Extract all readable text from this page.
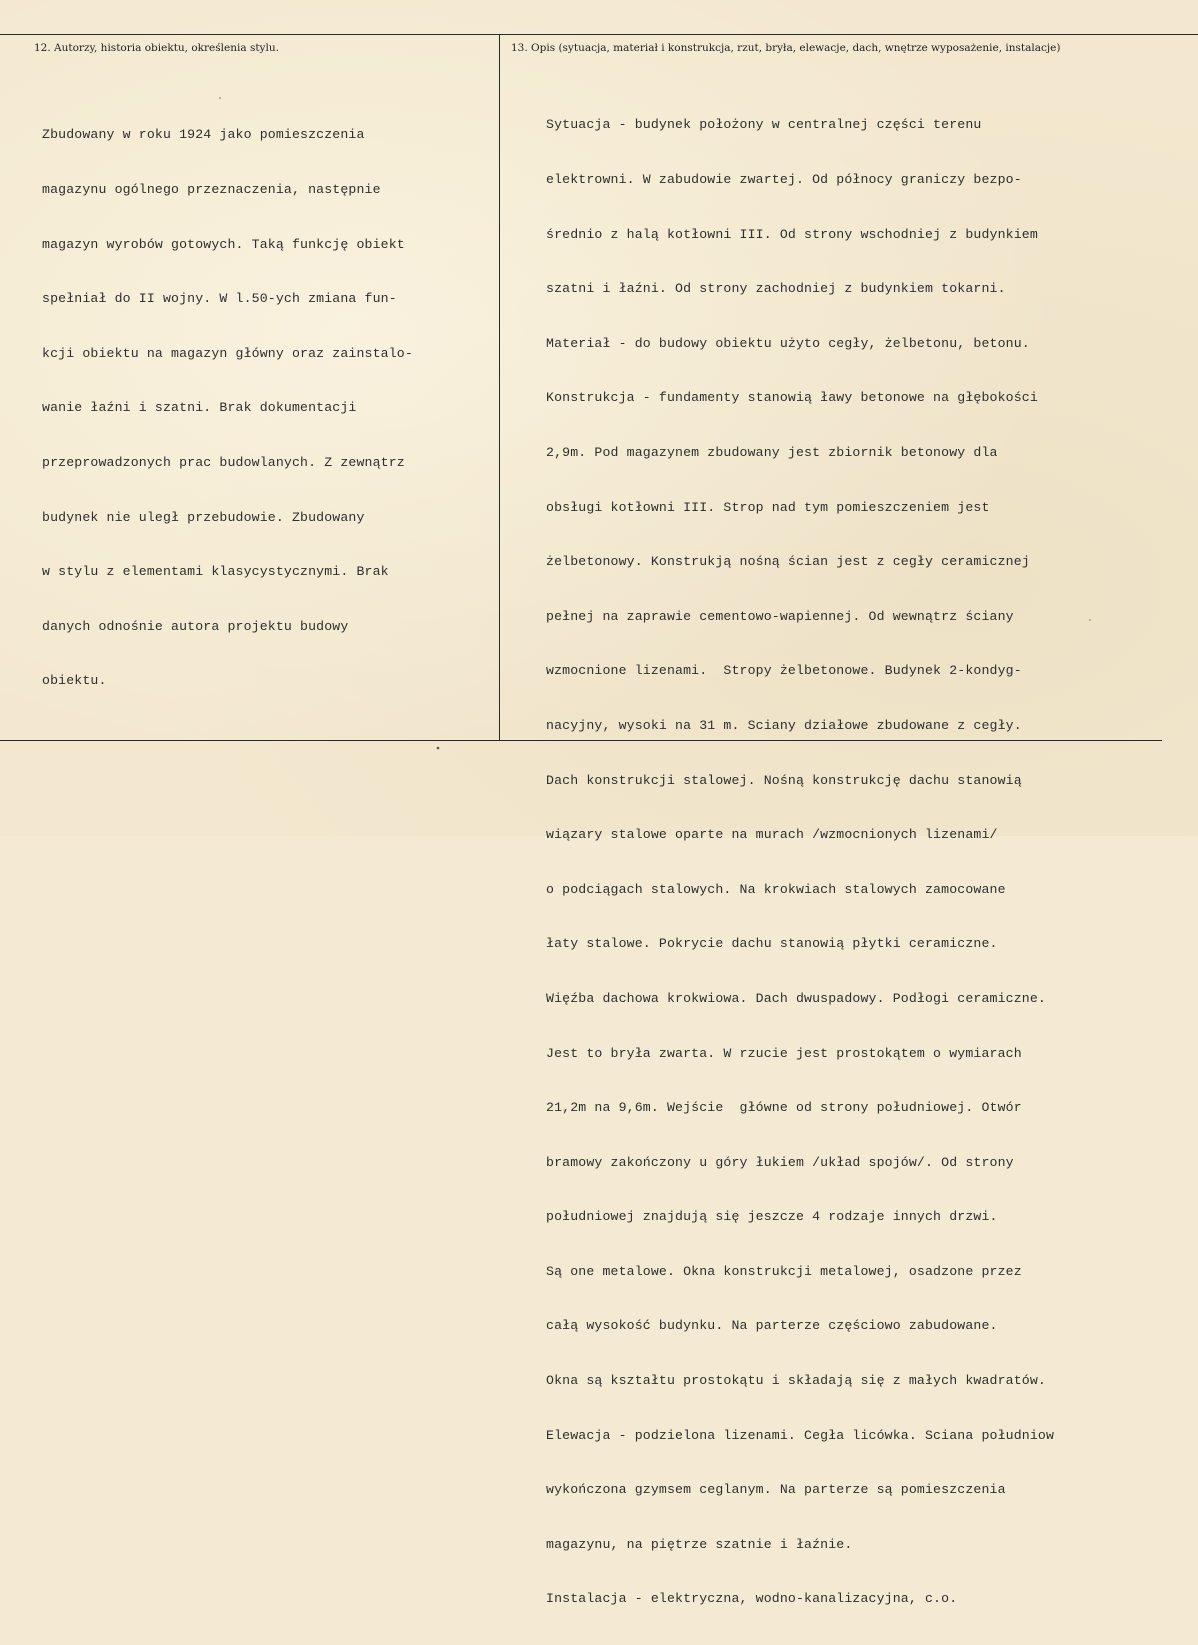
12. Autorzy, historia obiektu, określenia stylu.	13. Opis (sytuacja, materiał i konstrukcja, rzut, bryła, elewacje, dach, wnętrze wyposażenie, instalacje)

Zbudowany w roku 1924 jako pomieszczenia

magazynu ogólnego przeznaczenia, następnie

magazyn wyrobów gotowych. Taką funkcję obiekt

spełniał do II wojny. W l.50-ych zmiana fun-

kcji obiektu na magazyn główny oraz zainstalo-

wanie łaźni i szatni. Brak dokumentacji

przeprowadzonych prac budowlanych. Z zewnątrz

budynek nie uległ przebudowie. Zbudowany

w stylu z elementami klasycystycznymi. Brak

danych odnośnie autora projektu budowy

obiektu.

Sytuacja - budynek położony w centralnej części terenu

elektrowni. W zabudowie zwartej. Od północy graniczy bezpo-

średnio z halą kotłowni III. Od strony wschodniej z budynkiem

szatni i łaźni. Od strony zachodniej z budynkiem tokarni.

Materiał - do budowy obiektu użyto cegły, żelbetonu, betonu.

Konstrukcja - fundamenty stanowią ławy betonowe na głębokości

2,9m. Pod magazynem zbudowany jest zbiornik betonowy dla

obsługi kotłowni III. Strop nad tym pomieszczeniem jest

żelbetonowy. Konstrukją nośną ścian jest z cegły ceramicznej

pełnej na zaprawie cementowo-wapiennej. Od wewnątrz ściany

wzmocnione lizenami.  Stropy żelbetonowe. Budynek 2-kondyg-

nacyjny, wysoki na 31 m. Sciany działowe zbudowane z cegły.

Dach konstrukcji stalowej. Nośną konstrukcję dachu stanowią

wiązary stalowe oparte na murach /wzmocnionych lizenami/

o podciągach stalowych. Na krokwiach stalowych zamocowane

łaty stalowe. Pokrycie dachu stanowią płytki ceramiczne.

Więźba dachowa krokwiowa. Dach dwuspadowy. Podłogi ceramiczne.

Jest to bryła zwarta. W rzucie jest prostokątem o wymiarach

21,2m na 9,6m. Wejście  główne od strony południowej. Otwór

bramowy zakończony u góry łukiem /układ spojów/. Od strony

południowej znajdują się jeszcze 4 rodzaje innych drzwi.

Są one metalowe. Okna konstrukcji metalowej, osadzone przez

całą wysokość budynku. Na parterze częściowo zabudowane.

Okna są kształtu prostokątu i składają się z małych kwadratów.

Elewacja - podzielona lizenami. Cegła licówka. Sciana południow

wykończona gzymsem ceglanym. Na parterze są pomieszczenia

magazynu, na piętrze szatnie i łaźnie.

Instalacja - elektryczna, wodno-kanalizacyjna, c.o.
